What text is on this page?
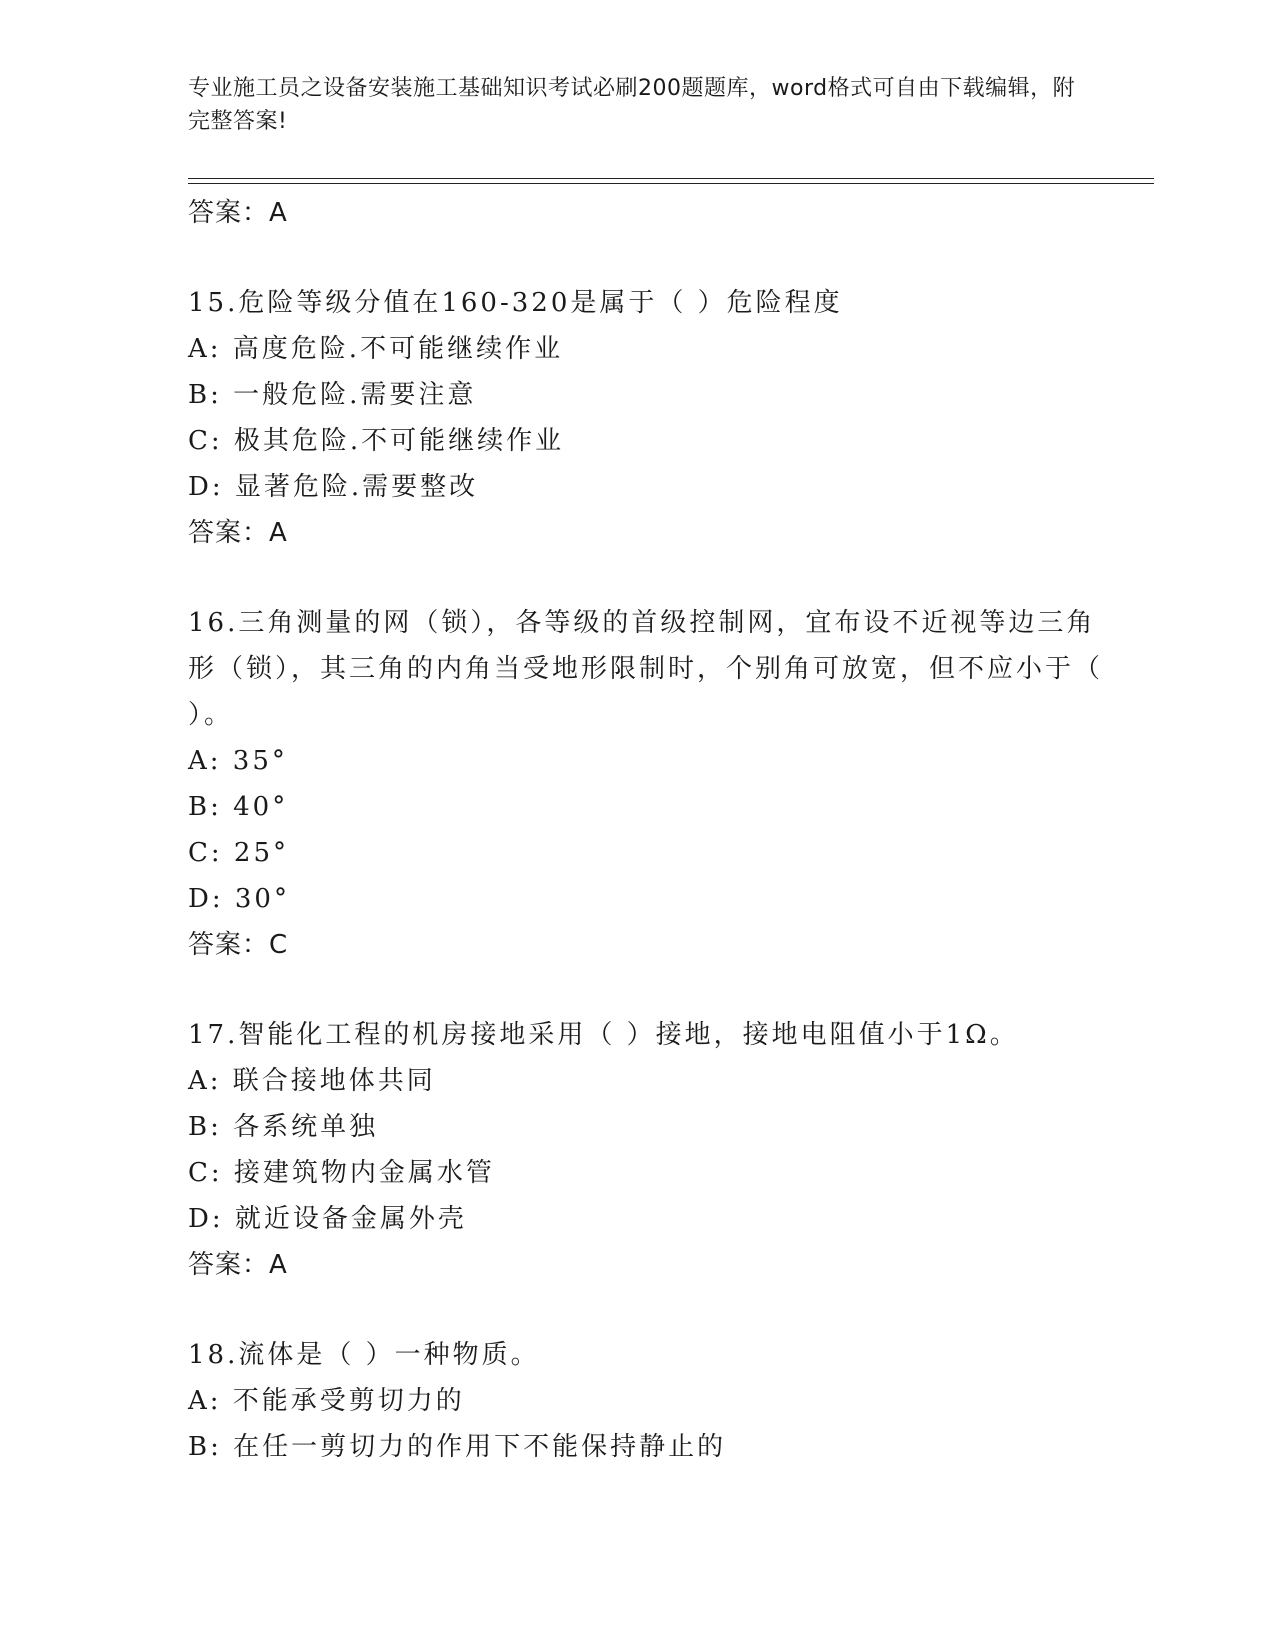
专业施工员之设备安装施工基础知识考试必刷200题题库，word格式可自由下载编辑，附完整答案!
答案：A
15.危险等级分值在160-320是属于（ ）危险程度
A: 高度危险.不可能继续作业
B: 一般危险.需要注意
C: 极其危险.不可能继续作业
D: 显著危险.需要整改
答案：A
16.三角测量的网（锁），各等级的首级控制网，宜布设不近视等边三角形（锁），其三角的内角当受地形限制时，个别角可放宽，但不应小于（ ）。
A: 35°
B: 40°
C: 25°
D: 30°
答案：C
17.智能化工程的机房接地采用（ ）接地，接地电阻值小于1Ω。
A: 联合接地体共同
B: 各系统单独
C: 接建筑物内金属水管
D: 就近设备金属外壳
答案：A
18.流体是（ ）一种物质。
A: 不能承受剪切力的
B: 在任一剪切力的作用下不能保持静止的
